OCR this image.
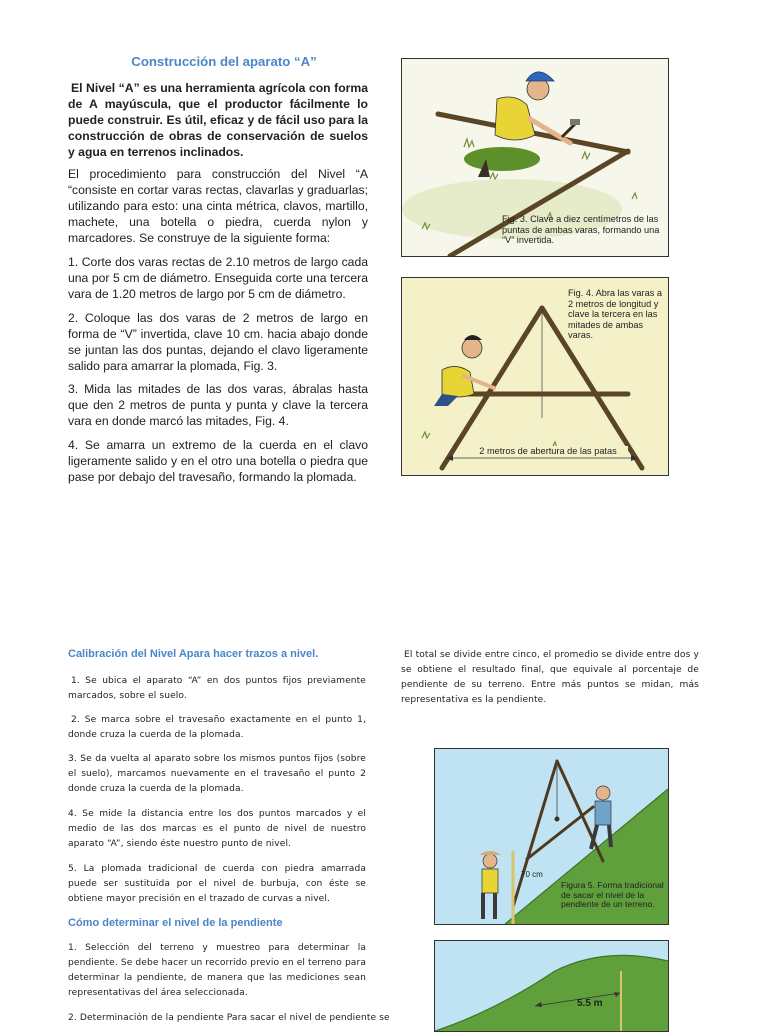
Construcción del aparato “A”

El Nivel “A” es una herramienta agrícola con forma de A mayúscula, que el productor fácilmente lo puede construir. Es útil, eficaz y de fácil uso para la construcción de obras de conservación de suelos y agua en terrenos inclinados.

El procedimiento para construcción del Nivel “A “consiste en cortar varas rectas, clavarlas y graduarlas; utilizando para esto: una cinta métrica, clavos, martillo, machete, una botella o piedra, cuerda nylon y marcadores. Se construye de la siguiente forma:

1. Corte dos varas rectas de 2.10 metros de largo cada una por 5 cm de diámetro. Enseguida corte una tercera vara de 1.20 metros de largo por 5 cm de diámetro.

2. Coloque las dos varas de 2 metros de largo en forma de “V” invertida, clave 10 cm. hacia abajo donde se juntan las dos puntas, dejando el clavo ligeramente salido para amarrar la plomada, Fig. 3.

3. Mida las mitades de las dos varas, ábralas hasta que den 2 metros de punta y punta y clave la tercera vara en donde marcó las mitades, Fig. 4.

4. Se amarra un extremo de la cuerda en el clavo ligeramente salido y en el otro una botella o piedra que pase por debajo del travesaño, formando la plomada.

Fig. 3. Clave a diez centímetros de las puntas de ambas varas, formando una “V” invertida.
Fig. 4. Abra las varas a 2 metros de longitud y clave la tercera en las mitades de ambas varas.
2 metros de abertura de las patas
Calibración del Nivel Apara hacer trazos a nivel.

1. Se ubica el aparato “A” en dos puntos fijos previamente marcados, sobre el suelo.

2. Se marca sobre el travesaño exactamente en el punto 1, donde cruza la cuerda de la plomada.

3. Se da vuelta al aparato sobre los mismos puntos fijos (sobre el suelo), marcamos nuevamente en el travesaño el punto 2 donde cruza la cuerda de la plomada.

4. Se mide la distancia entre los dos puntos marcados y el medio de las dos marcas es el punto de nivel de nuestro aparato “A”, siendo éste nuestro punto de nivel.

5. La plomada tradicional de cuerda con piedra amarrada puede ser sustituida por el nivel de burbuja, con éste se obtiene mayor precisión en el trazado de curvas a nivel.

Cómo determinar el nivel de la pendiente

1. Selección del terreno y muestreo para determinar la pendiente. Se debe hacer un recorrido previo en el terreno para determinar la pendiente, de manera que las mediciones sean representativas del área seleccionada.

2. Determinación de la pendiente Para sacar el nivel de pendiente se

El total se divide entre cinco, el promedio se divide entre dos y se obtiene el resultado final, que equivale al porcentaje de pendiente de su terreno. Entre más puntos se midan, más representativa es la pendiente.

70 cm
Figura 5. Forma tradicional de sacar el nivel de la pendiente de un terreno.
5.5 m
